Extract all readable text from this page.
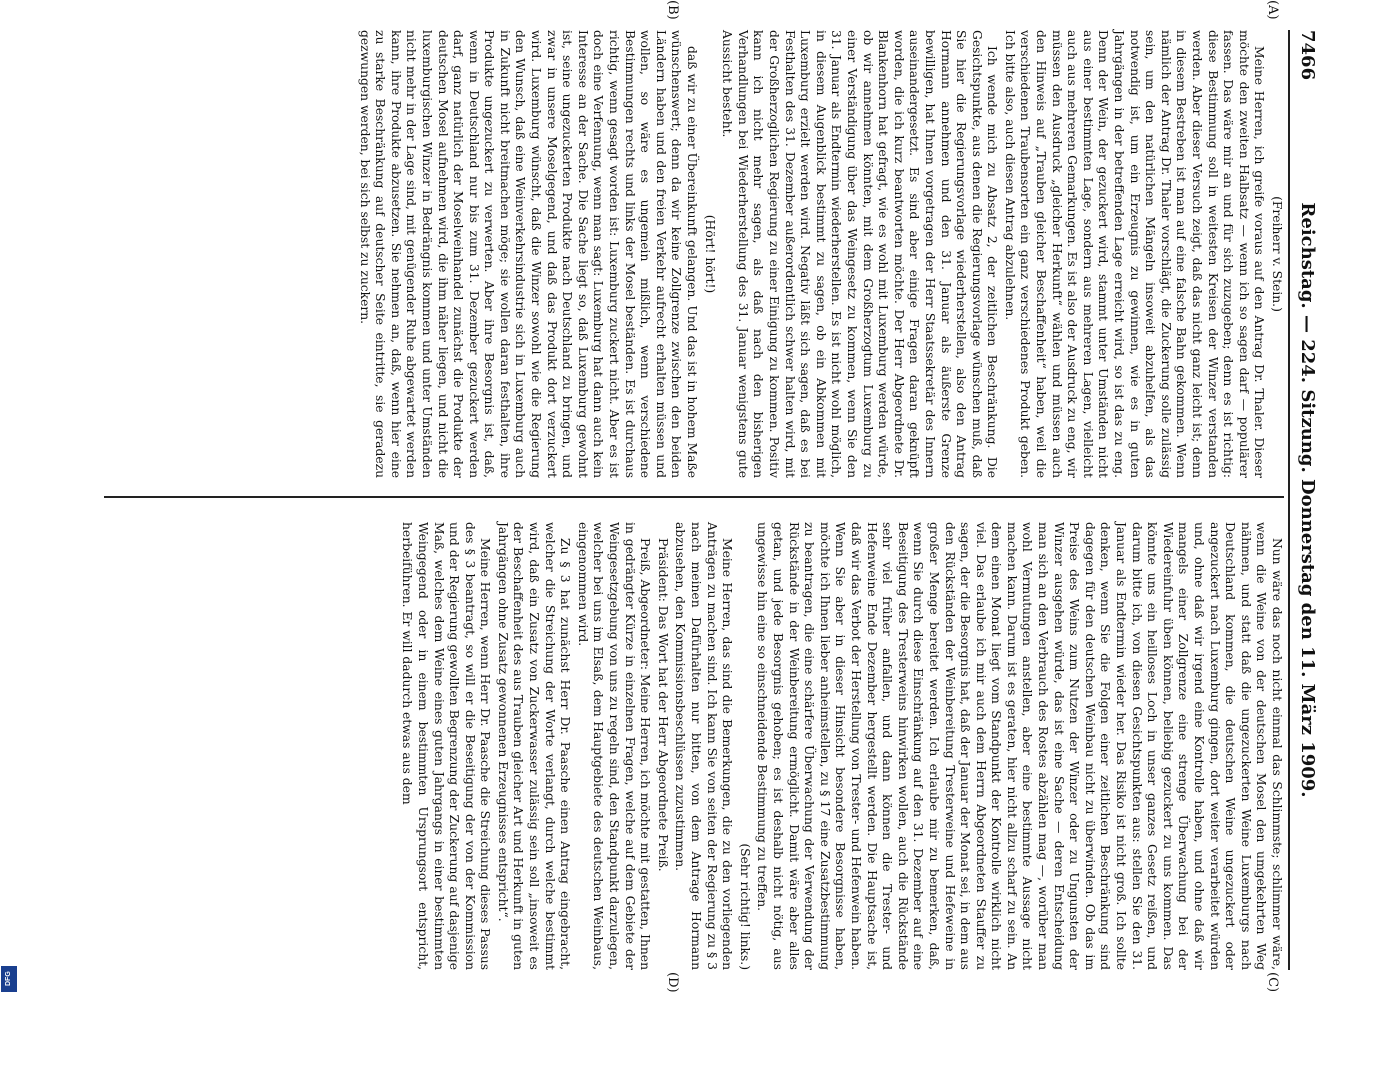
7466
Reichstag. — 224. Sitzung. Donnerstag den 11. März 1909.
(A)
(B)
(C)
(D)

(Freiherr v. Stein.)

Meine Herren, ich greife voraus auf den Antrag Dr. Thaler. Dieser möchte den zweiten Halbsatz — wenn ich so sagen darf — populärer fassen. Das wäre mir an und für sich zuzugeben; denn es ist richtig: diese Bestimmung soll in weitesten Kreisen der Winzer verstanden werden. Aber dieser Versuch zeigt, daß das nicht ganz leicht ist; denn in diesem Bestreben ist man auf eine falsche Bahn gekommen. Wenn nämlich der Antrag Dr. Thaler vorschlägt, die Zuckerung solle zulässig sein, um den natürlichen Mängeln insoweit abzuhelfen, als das notwendig ist, um ein Erzeugnis zu gewinnen, wie es in guten Jahrgängen in der betreffenden Lage erreicht wird, so ist das zu eng. Denn der Wein, der gezuckert wird, stammt unter Umständen nicht aus einer bestimmten Lage, sondern aus mehreren Lagen, vielleicht auch aus mehreren Gemarkungen. Es ist also der Ausdruck zu eng, wir müssen den Ausdruck „gleicher Herkunft“ wählen und müssen auch den Hinweis auf „Trauben gleicher Beschaffenheit“ haben, weil die verschiedenen Traubensorten ein ganz verschiedenes Produkt geben. Ich bitte also, auch diesen Antrag abzulehnen.

Ich wende mich zu Absatz 2, der zeitlichen Beschränkung. Die Gesichtspunkte, aus denen die Regierungsvorlage wünschen muß, daß Sie hier die Regierungsvorlage wiederherstellen, also den Antrag Hormann annehmen und den 31. Januar als äußerste Grenze bewilligen, hat Ihnen vorgetragen der Herr Staatssekretär des Innern auseinandergesetzt. Es sind aber einige Fragen daran geknüpft worden, die ich kurz beantworten möchte. Der Herr Abgeordnete Dr. Blankenhorn hat gefragt, wie es wohl mit Luxemburg werden würde, ob wir annehmen könnten, mit dem Großherzogtum Luxemburg zu einer Verständigung über das Weingesetz zu kommen, wenn Sie den 31. Januar als Endtermin wiederherstellen. Es ist nicht wohl möglich, in diesem Augenblick bestimmt zu sagen, ob ein Abkommen mit Luxemburg erzielt werden wird. Negativ läßt sich sagen, daß es bei Festhalten des 31. Dezember außerordentlich schwer halten wird, mit der Großherzoglichen Regierung zu einer Einigung zu kommen. Positiv kann ich nicht mehr sagen, als daß nach den bisherigen Verhandlungen bei Wiederherstellung des 31. Januar wenigstens gute Aussicht besteht.

(Hört! hört!)

daß wir zu einer Übereinkunft gelangen. Und das ist in hohem Maße wünschenswert; denn da wir keine Zollgrenze zwischen den beiden Ländern haben und den freien Verkehr aufrecht erhalten müssen und wollen, so wäre es ungemein mißlich, wenn verschiedene Bestimmungen rechts und links der Mosel beständen. Es ist durchaus richtig, wenn gesagt worden ist: Luxemburg zuckert nicht. Aber es ist doch eine Verfennung, wenn man sagt: Luxemburg hat dann auch kein Interesse an der Sache. Die Sache liegt so, daß Luxemburg gewohnt ist, seine ungezuckerten Produkte nach Deutschland zu bringen, und zwar in unsere Moselgegend, und daß das Produkt dort verzuckert wird. Luxemburg wünscht, daß die Winzer sowohl wie die Regierung den Wunsch, daß eine Weinverkehrsindustrie sich in Luxemburg auch in Zukunft nicht breitmachen möge; sie wollen daran festhalten, ihre Produkte ungezuckert zu verwerten. Aber ihre Besorgnis ist, daß, wenn in Deutschland nur bis zum 31. Dezember gezuckert werden darf, ganz natürlich der Moselweinhandel zunächst die Produkte der deutschen Mosel aufnehmen wird, die ihm näher liegen, und nicht die luxemburgischen Winzer in Bedrängnis kommen und unter Umständen nicht mehr in der Lage sind, mit genügender Ruhe abgewartet werden kann, ihre Produkte abzusetzen. Sie nehmen an, daß, wenn hier eine zu starke Beschränkung auf deutscher Seite eintritte, sie geradezu gezwungen werden, bei sich selbst zu zuckern.

Nun wäre das noch nicht einmal das Schlimmste; schlimmer wäre, wenn die Weine von der deutschen Mosel den umgekehrten Weg nähmen, und statt daß die ungezuckerten Weine Luxemburgs nach Deutschland kommen, die deutschen Weine ungezuckert oder angezuckert nach Luxemburg gingen, dort weiter verarbeitet würden und, ohne daß wir irgend eine Kontrolle haben, und ohne daß wir mangels einer Zollgrenze eine strenge Überwachung bei der Wiedereinfuhr üben können, beliebig gezuckert zu uns kommen. Das könnte uns ein heilloses Loch in unser ganzes Gesetz reißen, und darum bitte ich, von diesen Gesichtspunkten aus: stellen Sie den 31. Januar als Endtermin wieder her. Das Risiko ist nicht groß. Ich sollte denken, wenn Sie die Folgen einer zeitlichen Beschränkung sind dagegen für den deutschen Weinbau nicht zu überwinden. Ob das im Preise des Weins zum Nutzen der Winzer oder zu Ungunsten der Winzer ausgehen würde, das ist eine Sache — deren Entscheidung man sich an den Verbrauch des Rostes abzählen mag —, worüber man wohl Vermutungen anstellen, aber eine bestimmte Aussage nicht machen kann. Darum ist es geraten, hier nicht allzu scharf zu sein. An dem einen Monat liegt vom Standpunkt der Kontrolle wirklich nicht viel. Das erlaube ich mir auch dem Herrn Abgeordneten Stauffer zu sagen, der die Besorgnis hat, daß der Januar der Monat sei, in dem aus den Rückständen der Weinbereitung Tresterweine und Hefeweine in großer Menge bereitet werden. Ich erlaube mir zu bemerken, daß, wenn Sie durch diese Einschränkung auf den 31. Dezember auf eine Beseitigung des Tresterweins hinwirken wollen, auch die Rückstände sehr viel früher anfallen, und dann können die Trester- und Hefenweine Ende Dezember hergestellt werden. Die Hauptsache ist, daß wir das Verbot der Herstellung von Trester- und Hefenwein haben. Wenn Sie aber in dieser Hinsicht besondere Besorgnisse haben, möchte ich Ihnen lieber anheimstellen, zu § 17 eine Zusatzbestimmung zu beantragen, die eine schärfere Überwachung der Verwendung der Rückstände in der Weinbereitung ermöglicht. Damit wäre aber alles getan, und jede Besorgnis gehoben; es ist deshalb nicht nötig, aus ungewisse hin eine so einschneidende Bestimmung zu treffen.

(Sehr richtig! links.)

Meine Herren, das sind die Bemerkungen, die zu den vorliegenden Anträgen zu machen sind. Ich kann Sie von seiten der Regierung zu § 3 nach meinen Dafürhalten nur bitten, von dem Antrage Hormann abzusehen, den Kommissionsbeschlüssen zuzustimmen.

Präsident: Das Wort hat der Herr Abgeordnete Preiß.

Preiß, Abgeordneter: Meine Herren, ich möchte mit gestatten, Ihnen in gedrängter Kürze in einzelnen Fragen, welche auf dem Gebiete der Weingesetzgebung von uns zu regeln sind, den Standpunkt darzulegen, welcher bei uns im Elsaß, dem Hauptgebiete des deutschen Weinbaus, eingenommen wird.

Zu § 3 hat zunächst Herr Dr. Paasche einen Antrag eingebracht, welcher die Streichung der Worte verlangt, durch welche bestimmt wird, daß ein Zusatz von Zuckerwasser zulässig sein soll „insoweit es der Beschaffenheit des aus Trauben gleicher Art und Herkunft in guten Jahrgängen ohne Zusatz gewonnenen Erzeugnisses entspricht“.

Meine Herren, wenn Herr Dr. Paasche die Streichung dieses Passus des § 3 beantragt, so will er die Beseitigung der von der Kommission und der Regierung gewollten Begrenzung der Zuckerung auf dasjenige Maß, welches dem Weine eines guten Jahrgangs in einer bestimmten Weingegend oder in einem bestimmten Ursprungsort entspricht, herbeiführen. Er will dadurch etwas aus dem

DFG
